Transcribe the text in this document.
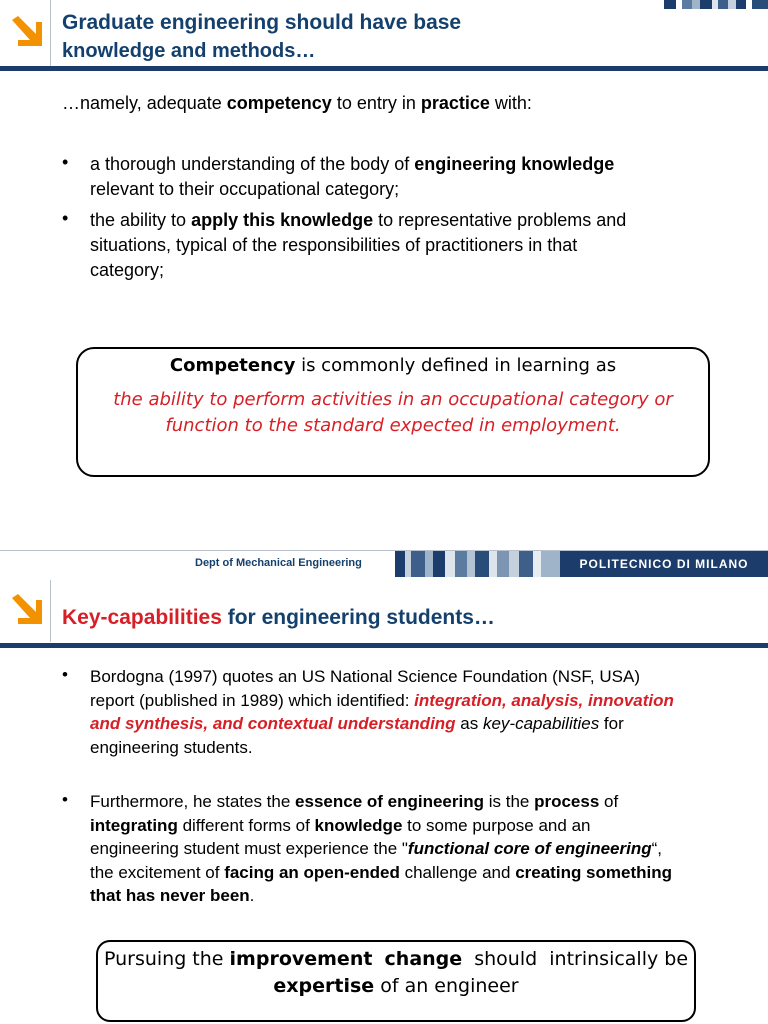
Graduate engineering should have base
knowledge and methods…
…namely, adequate competency to entry in practice with:
• a thorough understanding of the body of engineering knowledge
relevant to their occupational category;
• the ability to apply this knowledge to representative problems and
situations, typical of the responsibilities of practitioners in that
category;
Competency is commonly defined in learning as
the ability to perform activities in an occupational category or
function to the standard expected in employment.
Dept of Mechanical Engineering	POLITECNICO DI MILANO
Key-capabilities for engineering students…
• Bordogna (1997) quotes an US National Science Foundation (NSF, USA)
report (published in 1989) which identified: integration, analysis, innovation
and synthesis, and contextual understanding as key-capabilities for
engineering students.
• Furthermore, he states the essence of engineering is the process of
integrating different forms of knowledge to some purpose and an
engineering student must experience the "functional core of engineering“,
the excitement of facing an open-ended challenge and creating something
that has never been.
Pursuing the improvement change  should  intrinsically be
expertise of an engineer
